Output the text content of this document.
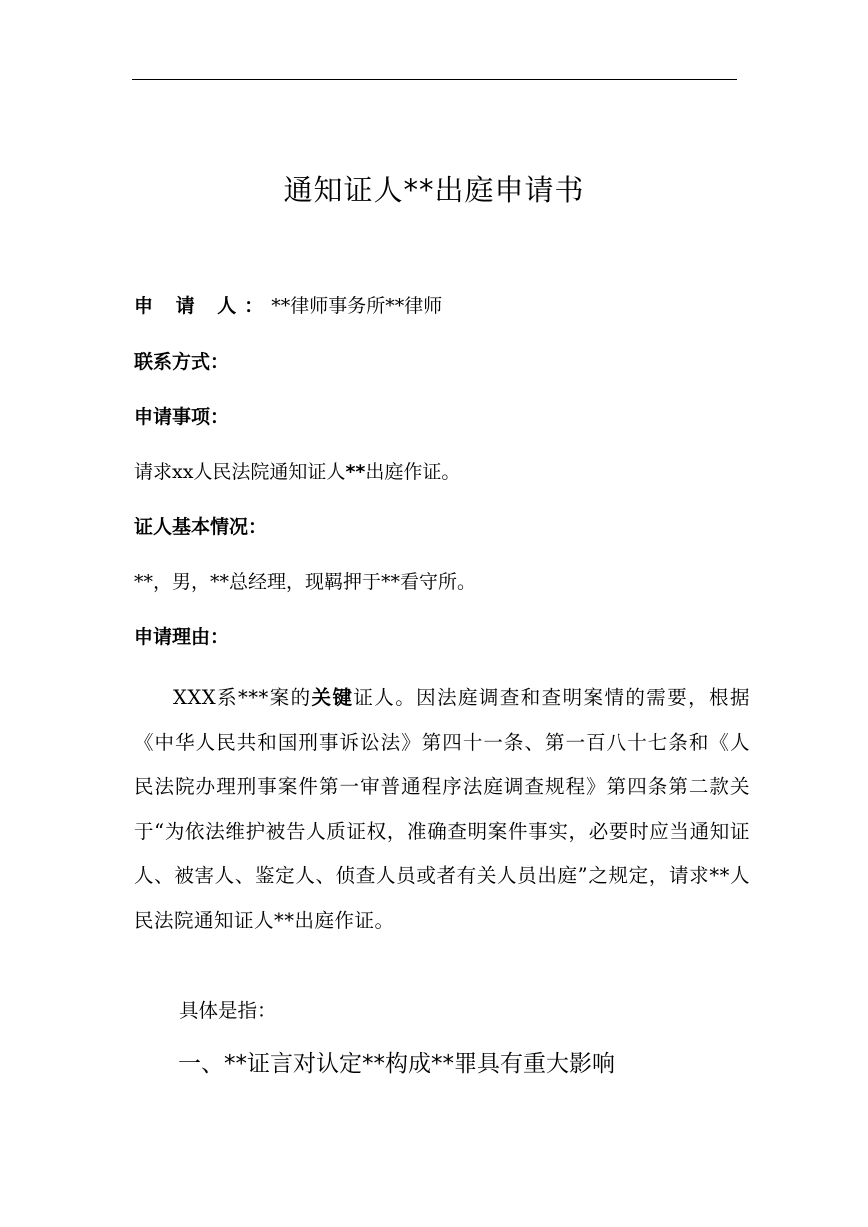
通知证人**出庭申请书
申 请 人：**律师事务所**律师
联系方式：
申请事项：
请求xx人民法院通知证人**出庭作证。
证人基本情况：
**，男，**总经理，现羁押于**看守所。
申请理由：

XXX系***案的关键证人。因法庭调查和查明案情的需要，根据《中华人民共和国刑事诉讼法》第四十一条、第一百八十七条和《人民法院办理刑事案件第一审普通程序法庭调查规程》第四条第二款关于“为依法维护被告人质证权，准确查明案件事实，必要时应当通知证人、被害人、鉴定人、侦查人员或者有关人员出庭”之规定，请求**人民法院通知证人**出庭作证。

具体是指：
一、**证言对认定**构成**罪具有重大影响
